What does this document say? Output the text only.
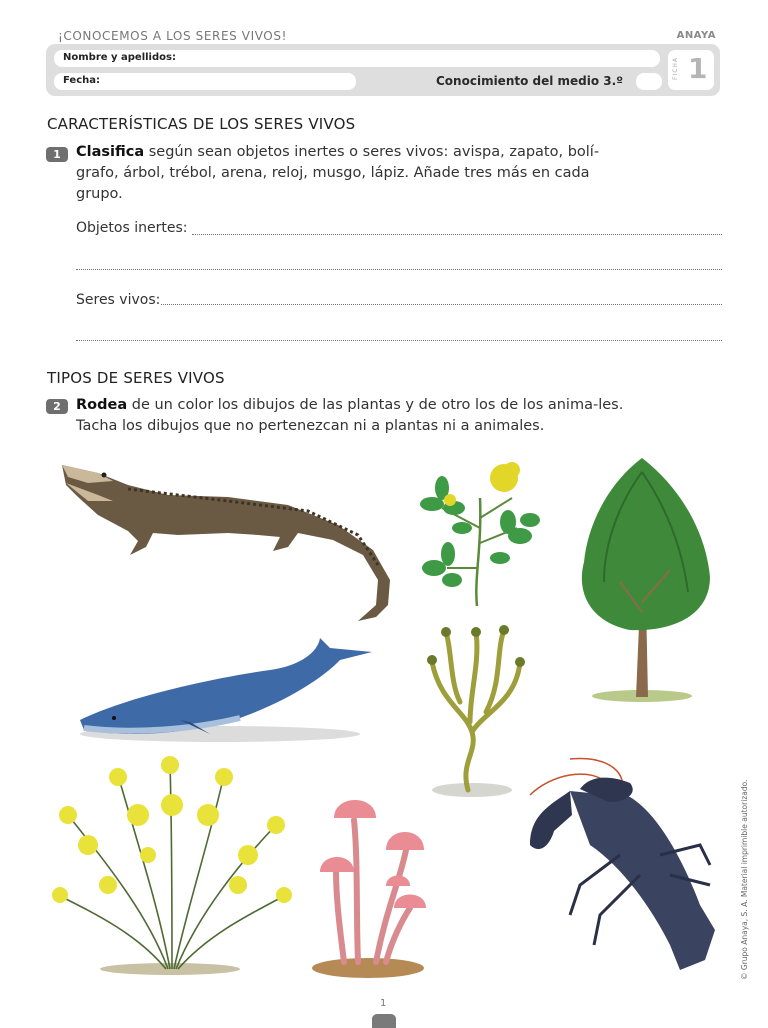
¡CONOCEMOS A LOS SERES VIVOS!	ANAYA
Nombre y apellidos:
Fecha:	Conocimiento del medio 3.º
FICHA 1
CARACTERÍSTICAS DE LOS SERES VIVOS
1	Clasifica según sean objetos inertes o seres vivos: avispa, zapato, bolí-grafo, árbol, trébol, arena, reloj, musgo, lápiz. Añade tres más en cada grupo.
Objetos inertes:
Seres vivos:
TIPOS DE SERES VIVOS
2	Rodea de un color los dibujos de las plantas y de otro los de los anima-les. Tacha los dibujos que no pertenezcan ni a plantas ni a animales.
© Grupo Anaya, S. A. Material imprimible autorizado.
1
